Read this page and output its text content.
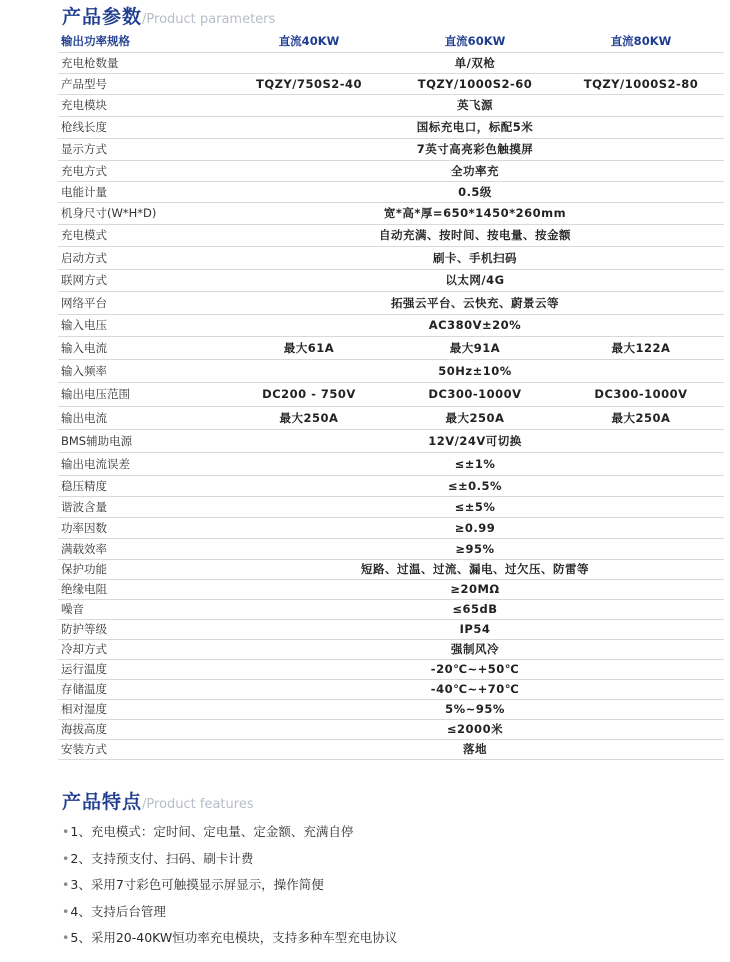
产品参数/Product parameters
输出功率规格	直流40KW	直流60KW	直流80KW
充电枪数量	单/双枪		
产品型号	TQZY/750S2-40	TQZY/1000S2-60	TQZY/1000S2-80
充电模块	英飞源		
枪线长度	国标充电口，标配5米		
显示方式	7英寸高亮彩色触摸屏		
充电方式	全功率充		
电能计量	0.5级		
机身尺寸(W*H*D)	宽*高*厚=650*1450*260mm		
充电模式	自动充满、按时间、按电量、按金额		
启动方式	刷卡、手机扫码		
联网方式	以太网/4G		
网络平台	拓强云平台、云快充、蔚景云等		
输入电压	AC380V±20%		
输入电流	最大61A	最大91A	最大122A
输入频率	50Hz±10%		
输出电压范围	DC200 - 750V	DC300-1000V	DC300-1000V
输出电流	最大250A	最大250A	最大250A
BMS辅助电源	12V/24V可切换		
输出电流误差	≤±1%		
稳压精度	≤±0.5%		
谐波含量	≤±5%		
功率因数	≥0.99		
满载效率	≥95%		
保护功能	短路、过温、过流、漏电、过欠压、防雷等		
绝缘电阻	≥20MΩ		
噪音	≤65dB		
防护等级	IP54		
冷却方式	强制风冷		
运行温度	-20℃~+50℃		
存储温度	-40℃~+70℃		
相对湿度	5%~95%		
海拔高度	≤2000米		
安装方式	落地		
产品特点/Product features
•1、充电模式：定时间、定电量、定金额、充满自停
•2、支持预支付、扫码、刷卡计费
•3、采用7寸彩色可触摸显示屏显示，操作简便
•4、支持后台管理
•5、采用20-40KW恒功率充电模块，支持多种车型充电协议
